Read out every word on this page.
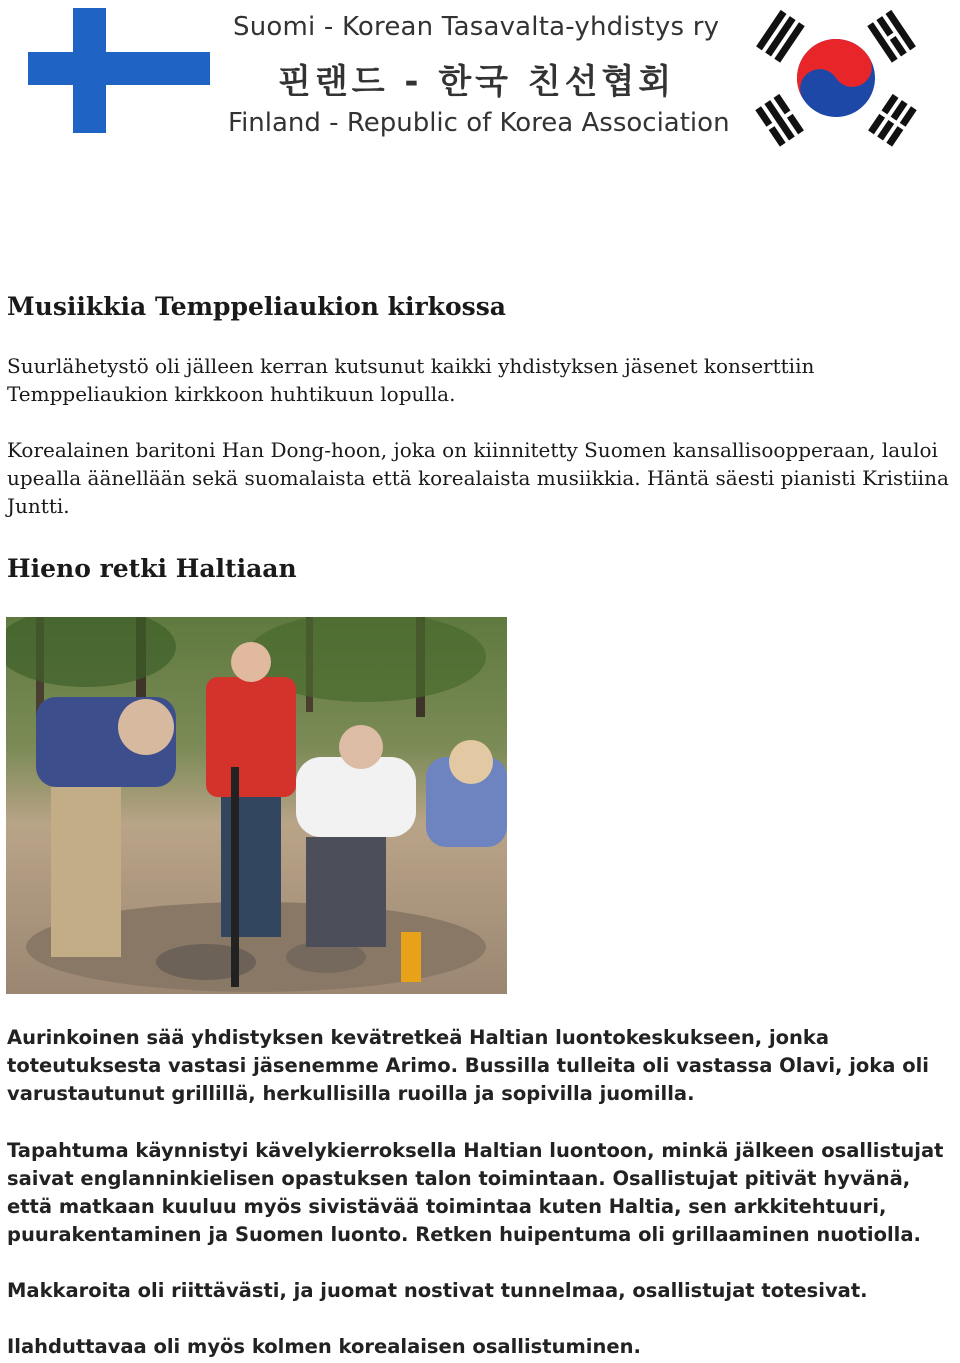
Suomi - Korean Tasavalta-yhdistys ry
핀랜드 - 한국 친선협회
Finland - Republic of Korea Association
Musiikkia Temppeliaukion kirkossa

Suurlähetystö oli jälleen kerran kutsunut kaikki yhdistyksen jäsenet konserttiin Temppeliaukion kirkkoon huhtikuun lopulla.

Korealainen baritoni Han Dong-hoon, joka on kiinnitetty Suomen kansallisoopperaan, lauloi upealla äänellään sekä suomalaista että korealaista musiikkia. Häntä säesti pianisti Kristiina Juntti.

Hieno retki Haltiaan

Aurinkoinen sää yhdistyksen kevätretkeä Haltian luontokeskukseen, jonka toteutuksesta vastasi jäsenemme Arimo. Bussilla tulleita oli vastassa Olavi, joka oli varustautunut grillillä, herkullisilla ruoilla ja sopivilla juomilla.

Tapahtuma käynnistyi kävelykierroksella Haltian luontoon, minkä jälkeen osallistujat saivat englanninkielisen opastuksen talon toimintaan. Osallistujat pitivät hyvänä, että matkaan kuuluu myös sivistävää toimintaa kuten Haltia, sen arkkitehtuuri, puurakentaminen ja Suomen luonto. Retken huipentuma oli grillaaminen nuotiolla.

Makkaroita oli riittävästi, ja juomat nostivat tunnelmaa, osallistujat totesivat.

Ilahduttavaa oli myös kolmen korealaisen osallistuminen.
